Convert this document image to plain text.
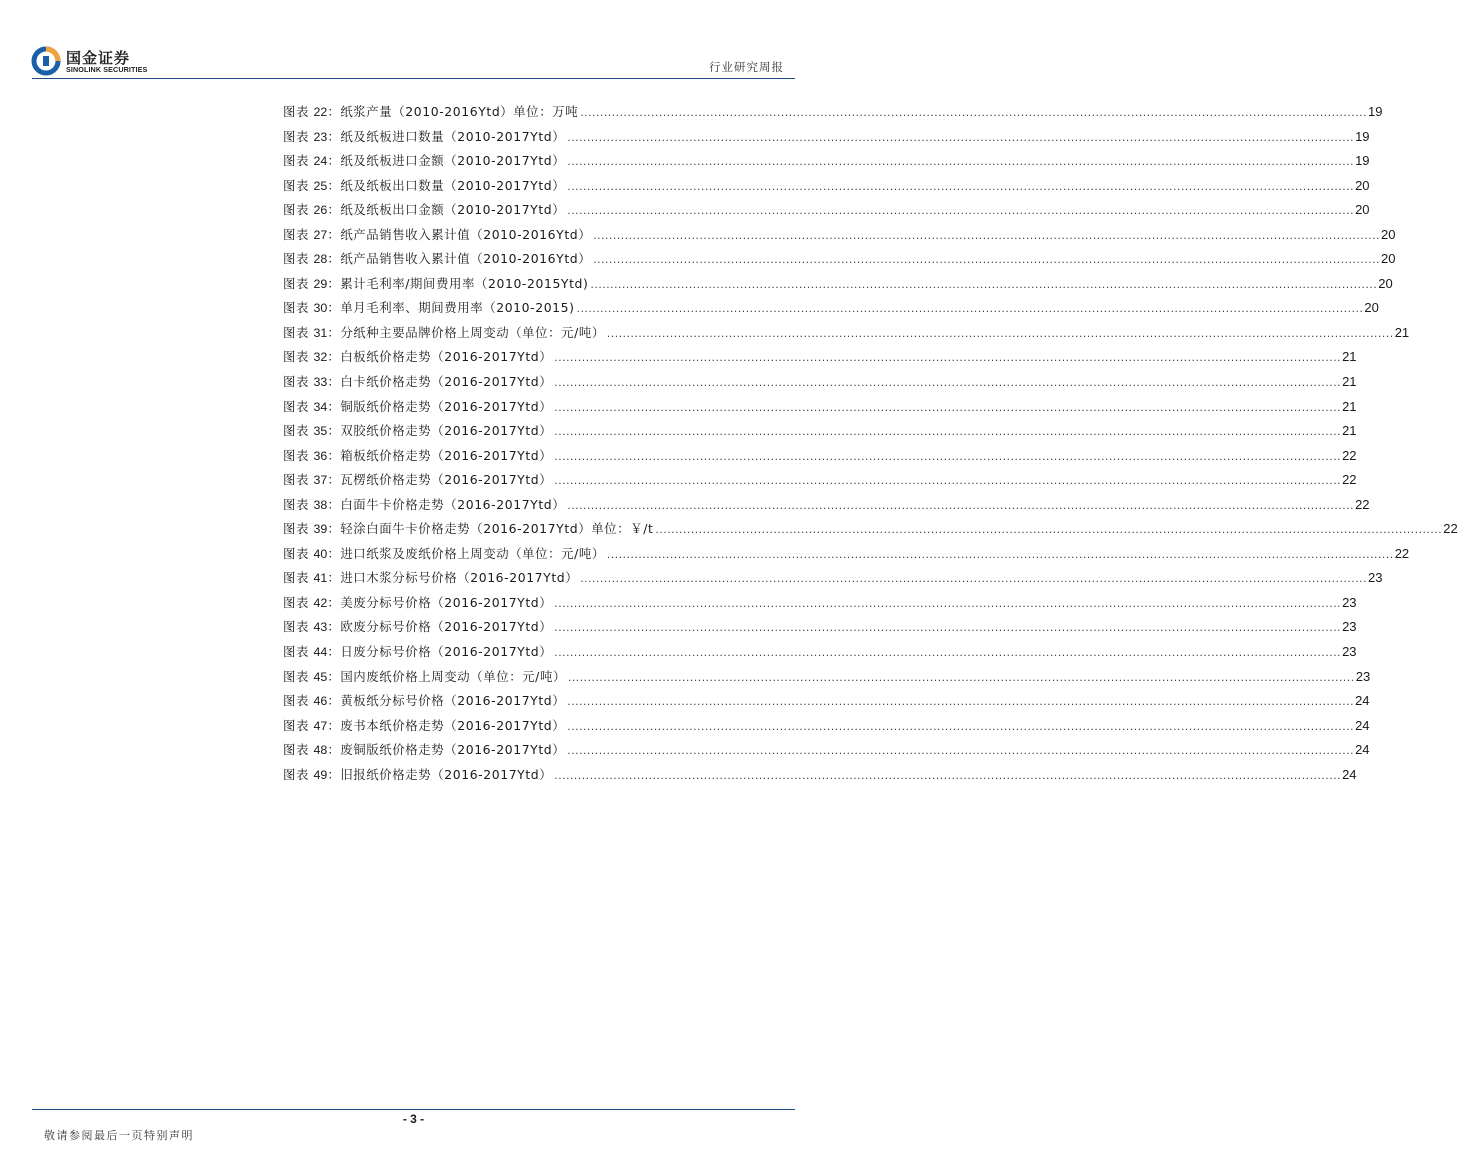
国金证券
SINOLINK SECURITIES	行业研究周报
图表 22：纸浆产量（2010-2016Ytd）单位：万吨 ........................................................................................................................................................................................................ 19
图表 23：纸及纸板进口数量（2010-2017Ytd） ........................................................................................................................................................................................................ 19
图表 24：纸及纸板进口金额（2010-2017Ytd） ........................................................................................................................................................................................................ 19
图表 25：纸及纸板出口数量（2010-2017Ytd） ........................................................................................................................................................................................................ 20
图表 26：纸及纸板出口金额（2010-2017Ytd） ........................................................................................................................................................................................................ 20
图表 27：纸产品销售收入累计值（2010-2016Ytd） ........................................................................................................................................................................................................ 20
图表 28：纸产品销售收入累计值（2010-2016Ytd） ........................................................................................................................................................................................................ 20
图表 29：累计毛利率/期间费用率（2010-2015Ytd) ........................................................................................................................................................................................................ 20
图表 30：单月毛利率、期间费用率（2010-2015) ........................................................................................................................................................................................................ 20
图表 31：分纸种主要品牌价格上周变动（单位：元/吨） ........................................................................................................................................................................................................ 21
图表 32：白板纸价格走势（2016-2017Ytd） ........................................................................................................................................................................................................ 21
图表 33：白卡纸价格走势（2016-2017Ytd） ........................................................................................................................................................................................................ 21
图表 34：铜版纸价格走势（2016-2017Ytd） ........................................................................................................................................................................................................ 21
图表 35：双胶纸价格走势（2016-2017Ytd） ........................................................................................................................................................................................................ 21
图表 36：箱板纸价格走势（2016-2017Ytd） ........................................................................................................................................................................................................ 22
图表 37：瓦楞纸价格走势（2016-2017Ytd） ........................................................................................................................................................................................................ 22
图表 38：白面牛卡价格走势（2016-2017Ytd） ........................................................................................................................................................................................................ 22
图表 39：轻涂白面牛卡价格走势（2016-2017Ytd）单位：￥/t ........................................................................................................................................................................................................ 22
图表 40：进口纸浆及废纸价格上周变动（单位：元/吨） ........................................................................................................................................................................................................ 22
图表 41：进口木浆分标号价格（2016-2017Ytd） ........................................................................................................................................................................................................ 23
图表 42：美废分标号价格（2016-2017Ytd） ........................................................................................................................................................................................................ 23
图表 43：欧废分标号价格（2016-2017Ytd） ........................................................................................................................................................................................................ 23
图表 44：日废分标号价格（2016-2017Ytd） ........................................................................................................................................................................................................ 23
图表 45：国内废纸价格上周变动（单位：元/吨） ........................................................................................................................................................................................................ 23
图表 46：黄板纸分标号价格（2016-2017Ytd） ........................................................................................................................................................................................................ 24
图表 47：废书本纸价格走势（2016-2017Ytd） ........................................................................................................................................................................................................ 24
图表 48：废铜版纸价格走势（2016-2017Ytd） ........................................................................................................................................................................................................ 24
图表 49：旧报纸价格走势（2016-2017Ytd） ........................................................................................................................................................................................................ 24
- 3 -
敬请参阅最后一页特别声明
